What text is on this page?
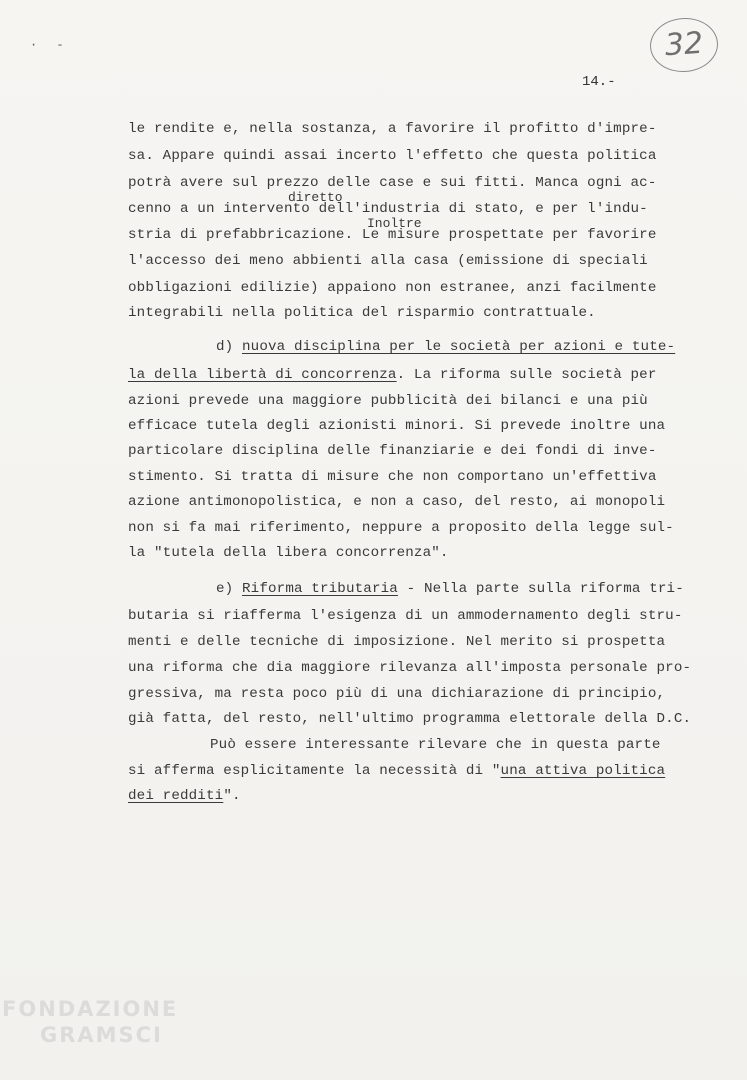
· -	32
14.-
le rendite e, nella sostanza, a favorire il profitto d'impre-
sa. Appare quindi assai incerto l'effetto che questa politica
potrà avere sul prezzo delle case e sui fitti. Manca ogni ac-
diretto
cenno a un intervento dell'industria di stato, e per l'indu-
Inoltre
stria di prefabbricazione. Le misure prospettate per favorire
l'accesso dei meno abbienti alla casa (emissione di speciali
obbligazioni edilizie) appaiono non estranee, anzi facilmente
integrabili nella politica del risparmio contrattuale.
d) nuova disciplina per le società per azioni e tute-
la della libertà di concorrenza. La riforma sulle società per
azioni prevede una maggiore pubblicità dei bilanci e una più
efficace tutela degli azionisti minori. Si prevede inoltre una
particolare disciplina delle finanziarie e dei fondi di inve-
stimento. Si tratta di misure che non comportano un'effettiva
azione antimonopolistica, e non a caso, del resto, ai monopoli
non si fa mai riferimento, neppure a proposito della legge sul-
la "tutela della libera concorrenza".
e) Riforma tributaria - Nella parte sulla riforma tri-
butaria si riafferma l'esigenza di un ammodernamento degli stru-
menti e delle tecniche di imposizione. Nel merito si prospetta
una riforma che dia maggiore rilevanza all'imposta personale pro-
gressiva, ma resta poco più di una dichiarazione di principio,
già fatta, del resto, nell'ultimo programma elettorale della D.C.
Può essere interessante rilevare che in questa parte
si afferma esplicitamente la necessità di "una attiva politica
dei redditi".
FONDAZIONE
GRAMSCI
